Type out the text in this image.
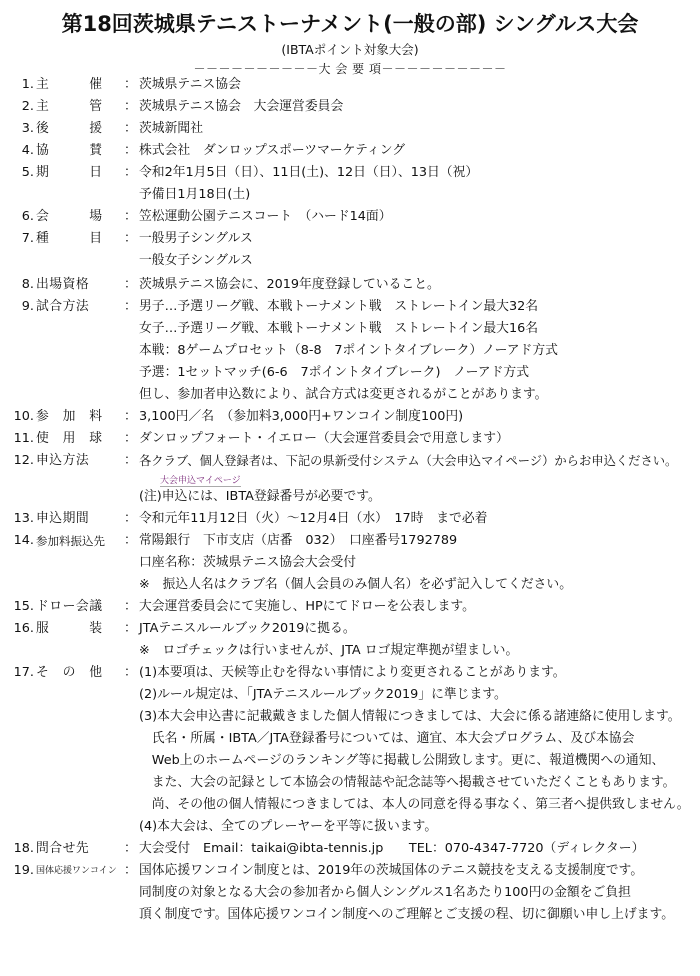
第18回茨城県テニストーナメント(一般の部) シングルス大会
(IBTAポイント対象大会)
－－－－－－－－－－大 会 要 項－－－－－－－－－－
1. 主　　　催	： 茨城県テニス協会
2. 主　　　管	： 茨城県テニス協会　大会運営委員会
3. 後　　　援	： 茨城新聞社
4. 協　　　賛	： 株式会社　ダンロップスポーツマーケティング
5. 期　　　日	： 令和2年1月5日（日）、11日(土)、12日（日）、13日（祝）
予備日1月18日(土)
6. 会　　　場	： 笠松運動公園テニスコート　（ハード14面）
7. 種　　　目	： 一般男子シングルス
一般女子シングルス
8. 出場資格	： 茨城県テニス協会に、2019年度登録していること。
9. 試合方法	： 男子…予選リーグ戦、本戦トーナメント戦　ストレートイン最大32名
女子…予選リーグ戦、本戦トーナメント戦　ストレートイン最大16名
本戦：8ゲームプロセット（8-8　7ポイントタイブレーク）ノーアド方式
予選：1セットマッチ(6-6　7ポイントタイブレーク)　ノーアド方式
但し、参加者申込数により、試合方式は変更されるがことがあります。
10. 参　加　料	： 3,100円／名　（参加料3,000円+ワンコイン制度100円)
11. 使　用　球	： ダンロップフォート・イエロー（大会運営委員会で用意します）
12. 申込方法	： 各クラブ、個人登録者は、下記の県新受付システム（大会申込マイページ）からお申込ください。
大会申込マイページ
(注)申込には、IBTA登録番号が必要です。
13. 申込期間	： 令和元年11月12日（火）～12月4日（水）　17時　まで必着
14. 参加料振込先	： 常陽銀行　下市支店（店番　032）　口座番号1792789
口座名称：茨城県テニス協会大会受付
※　振込人名はクラブ名（個人会員のみ個人名）を必ず記入してください。
15. ドロー会議	： 大会運営委員会にて実施し、HPにてドローを公表します。
16. 服　　　装	： JTAテニスルールブック2019に拠る。
※　ロゴチェックは行いませんが、JTA ロゴ規定準拠が望ましい。
17. そ　の　他	： (1)本要項は、天候等止むを得ない事情により変更されることがあります。
(2)ルール規定は、「JTAテニスルールブック2019」に準じます。
(3)本大会申込書に記載戴きました個人情報につきましては、大会に係る諸連絡に使用します。
　氏名・所属・IBTA／JTA登録番号については、適宜、本大会プログラム、及び本協会
　Web上のホームページのランキング等に掲載し公開致します。更に、報道機関への通知、
　また、大会の記録として本協会の情報誌や記念誌等へ掲載させていただくこともあります。
　尚、その他の個人情報につきましては、本人の同意を得る事なく、第三者へ提供致しません。
(4)本大会は、全てのプレーヤーを平等に扱います。
18. 問合せ先	： 大会受付　Email：taikai@ibta-tennis.jp　　TEL：070-4347-7720（ディレクター）
19. 国体応援ワンコイン ： 国体応援ワンコイン制度とは、2019年の茨城国体のテニス競技を支える支援制度です。
同制度の対象となる大会の参加者から個人シングルス1名あたり100円の金額をご負担
頂く制度です。国体応援ワンコイン制度へのご理解とご支援の程、切に御願い申し上げます。
